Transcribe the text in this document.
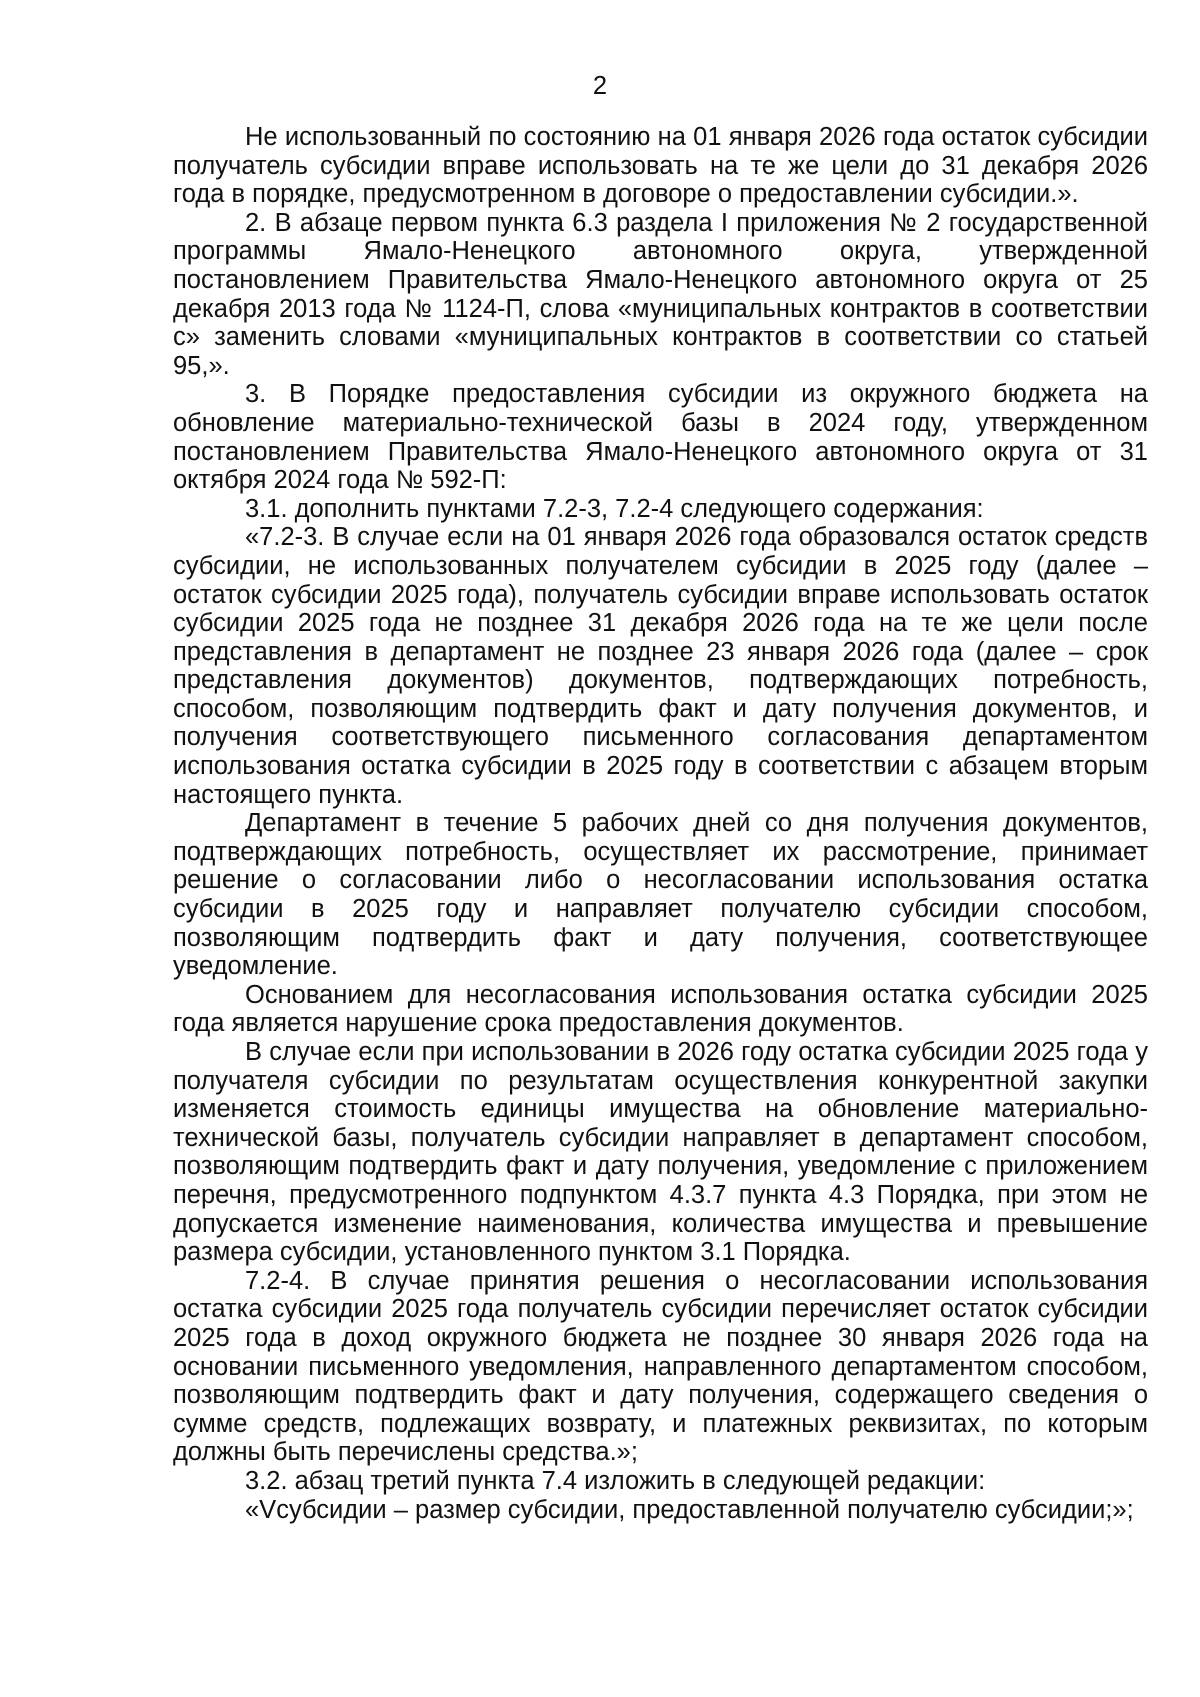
2

Не использованный по состоянию на 01 января 2026 года остаток субсидии получатель субсидии вправе использовать на те же цели до 31 декабря 2026 года в порядке, предусмотренном в договоре о предоставлении субсидии.».

2. В абзаце первом пункта 6.3 раздела I приложения № 2 государственной программы Ямало-Ненецкого автономного округа, утвержденной постановлением Правительства Ямало-Ненецкого автономного округа от 25 декабря 2013 года № 1124-П, слова «муниципальных контрактов в соответствии с» заменить словами «муниципальных контрактов в соответствии со статьей 95,».

3. В Порядке предоставления субсидии из окружного бюджета на обновление материально-технической базы в 2024 году, утвержденном постановлением Правительства Ямало-Ненецкого автономного округа от 31 октября 2024 года № 592-П:

3.1. дополнить пунктами 7.2-3, 7.2-4 следующего содержания:

«7.2-3. В случае если на 01 января 2026 года образовался остаток средств субсидии, не использованных получателем субсидии в 2025 году (далее – остаток субсидии 2025 года), получатель субсидии вправе использовать остаток субсидии 2025 года не позднее 31 декабря 2026 года на те же цели после представления в департамент не позднее 23 января 2026 года (далее – срок представления документов) документов, подтверждающих потребность, способом, позволяющим подтвердить факт и дату получения документов, и получения соответствующего письменного согласования департаментом использования остатка субсидии в 2025 году в соответствии с абзацем вторым настоящего пункта.

Департамент в течение 5 рабочих дней со дня получения документов, подтверждающих потребность, осуществляет их рассмотрение, принимает решение о согласовании либо о несогласовании использования остатка субсидии в 2025 году и направляет получателю субсидии способом, позволяющим подтвердить факт и дату получения, соответствующее уведомление.

Основанием для несогласования использования остатка субсидии 2025 года является нарушение срока предоставления документов.

В случае если при использовании в 2026 году остатка субсидии 2025 года у получателя субсидии по результатам осуществления конкурентной закупки изменяется стоимость единицы имущества на обновление материально-технической базы, получатель субсидии направляет в департамент способом, позволяющим подтвердить факт и дату получения, уведомление с приложением перечня, предусмотренного подпунктом 4.3.7 пункта 4.3 Порядка, при этом не допускается изменение наименования, количества имущества и превышение размера субсидии, установленного пунктом 3.1 Порядка.

7.2-4. В случае принятия решения о несогласовании использования остатка субсидии 2025 года получатель субсидии перечисляет остаток субсидии 2025 года в доход окружного бюджета не позднее 30 января 2026 года на основании письменного уведомления, направленного департаментом способом, позволяющим подтвердить факт и дату получения, содержащего сведения о сумме средств, подлежащих возврату, и платежных реквизитах, по которым должны быть перечислены средства.»;

3.2. абзац третий пункта 7.4 изложить в следующей редакции:

«Vсубсидии – размер субсидии, предоставленной получателю субсидии;»;
